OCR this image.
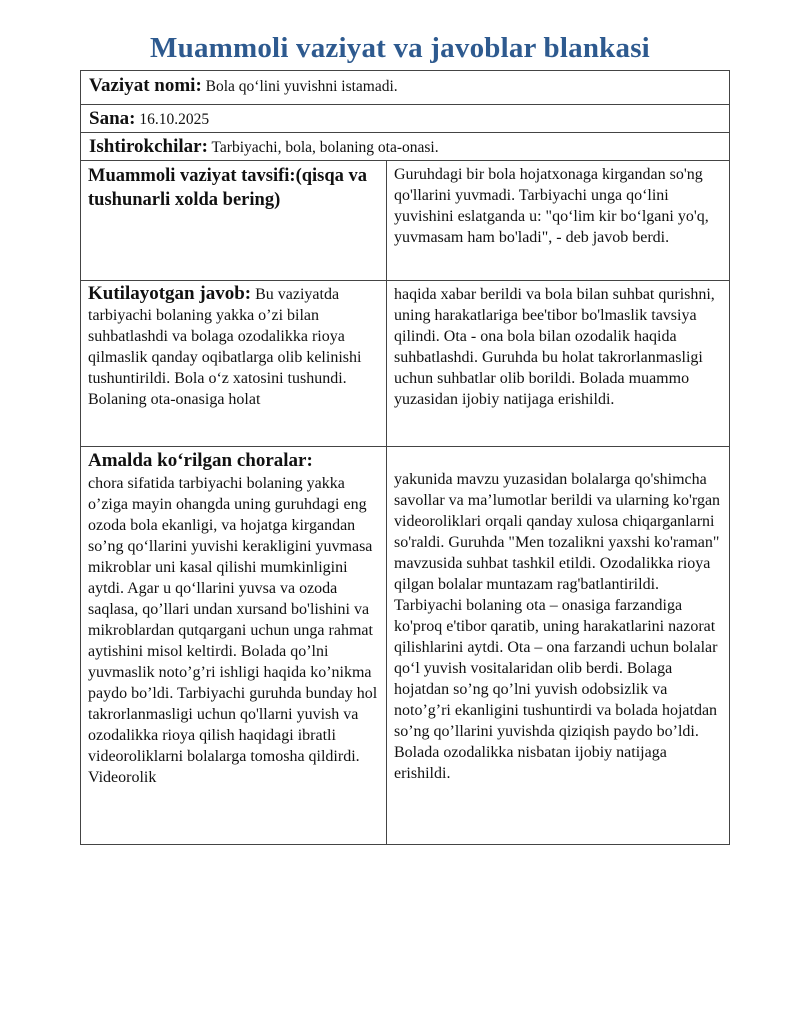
Muammoli vaziyat va javoblar blankasi
Vaziyat nomi: Bola qo‘lini yuvishni istamadi.
Sana: 16.10.2025
Ishtirokchilar: Tarbiyachi, bola, bolaning ota-onasi.
Muammoli vaziyat tavsifi:(qisqa va tushunarli xolda bering)
Guruhdagi bir bola hojatxonaga kirgandan so'ng qo'llarini yuvmadi. Tarbiyachi unga qo‘lini yuvishini eslatganda u: "qo‘lim kir bo‘lgani yo'q, yuvmasam ham bo'ladi", - deb javob berdi.
Kutilayotgan javob: Bu vaziyatda tarbiyachi bolaning yakka o’zi bilan suhbatlashdi va bolaga ozodalikka rioya qilmaslik qanday oqibatlarga olib kelinishi tushuntirildi. Bola o‘z xatosini tushundi. Bolaning ota-onasiga holat
haqida xabar berildi va bola bilan suhbat qurishni, uning harakatlariga bee'tibor bo'lmaslik tavsiya qilindi. Ota - ona bola bilan ozodalik haqida suhbatlashdi. Guruhda bu holat takrorlanmasligi uchun suhbatlar olib borildi. Bolada muammo yuzasidan ijobiy natijaga erishildi.
Amalda ko‘rilgan choralar:
chora sifatida tarbiyachi bolaning yakka o’ziga mayin ohangda uning guruhdagi eng ozoda bola ekanligi, va hojatga kirgandan so’ng qo‘llarini yuvishi kerakligini yuvmasa mikroblar uni kasal qilishi mumkinligini aytdi. Agar u qo‘llarini yuvsa va ozoda saqlasa, qo’llari undan xursand bo'lishini va mikroblardan qutqargani uchun unga rahmat aytishini misol keltirdi. Bolada qo’lni yuvmaslik noto’g’ri ishligi haqida ko’nikma paydo bo’ldi. Tarbiyachi guruhda bunday hol takrorlanmasligi uchun qo'llarni yuvish va ozodalikka rioya qilish haqidagi ibratli videoroliklarni bolalarga tomosha qildirdi. Videorolik
yakunida mavzu yuzasidan bolalarga qo'shimcha savollar va ma’lumotlar berildi va ularning ko'rgan videoroliklari orqali qanday xulosa chiqarganlarni so'raldi. Guruhda "Men tozalikni yaxshi ko'raman" mavzusida suhbat tashkil etildi. Ozodalikka rioya qilgan bolalar muntazam rag'batlantirildi. Tarbiyachi bolaning ota – onasiga farzandiga ko'proq e'tibor qaratib, uning harakatlarini nazorat qilishlarini aytdi. Ota – ona farzandi uchun bolalar qo‘l yuvish vositalaridan olib berdi. Bolaga hojatdan so’ng qo’lni yuvish odobsizlik va noto’g’ri ekanligini tushuntirdi va bolada hojatdan so’ng qo’llarini yuvishda qiziqish paydo bo’ldi. Bolada ozodalikka nisbatan ijobiy natijaga erishildi.
